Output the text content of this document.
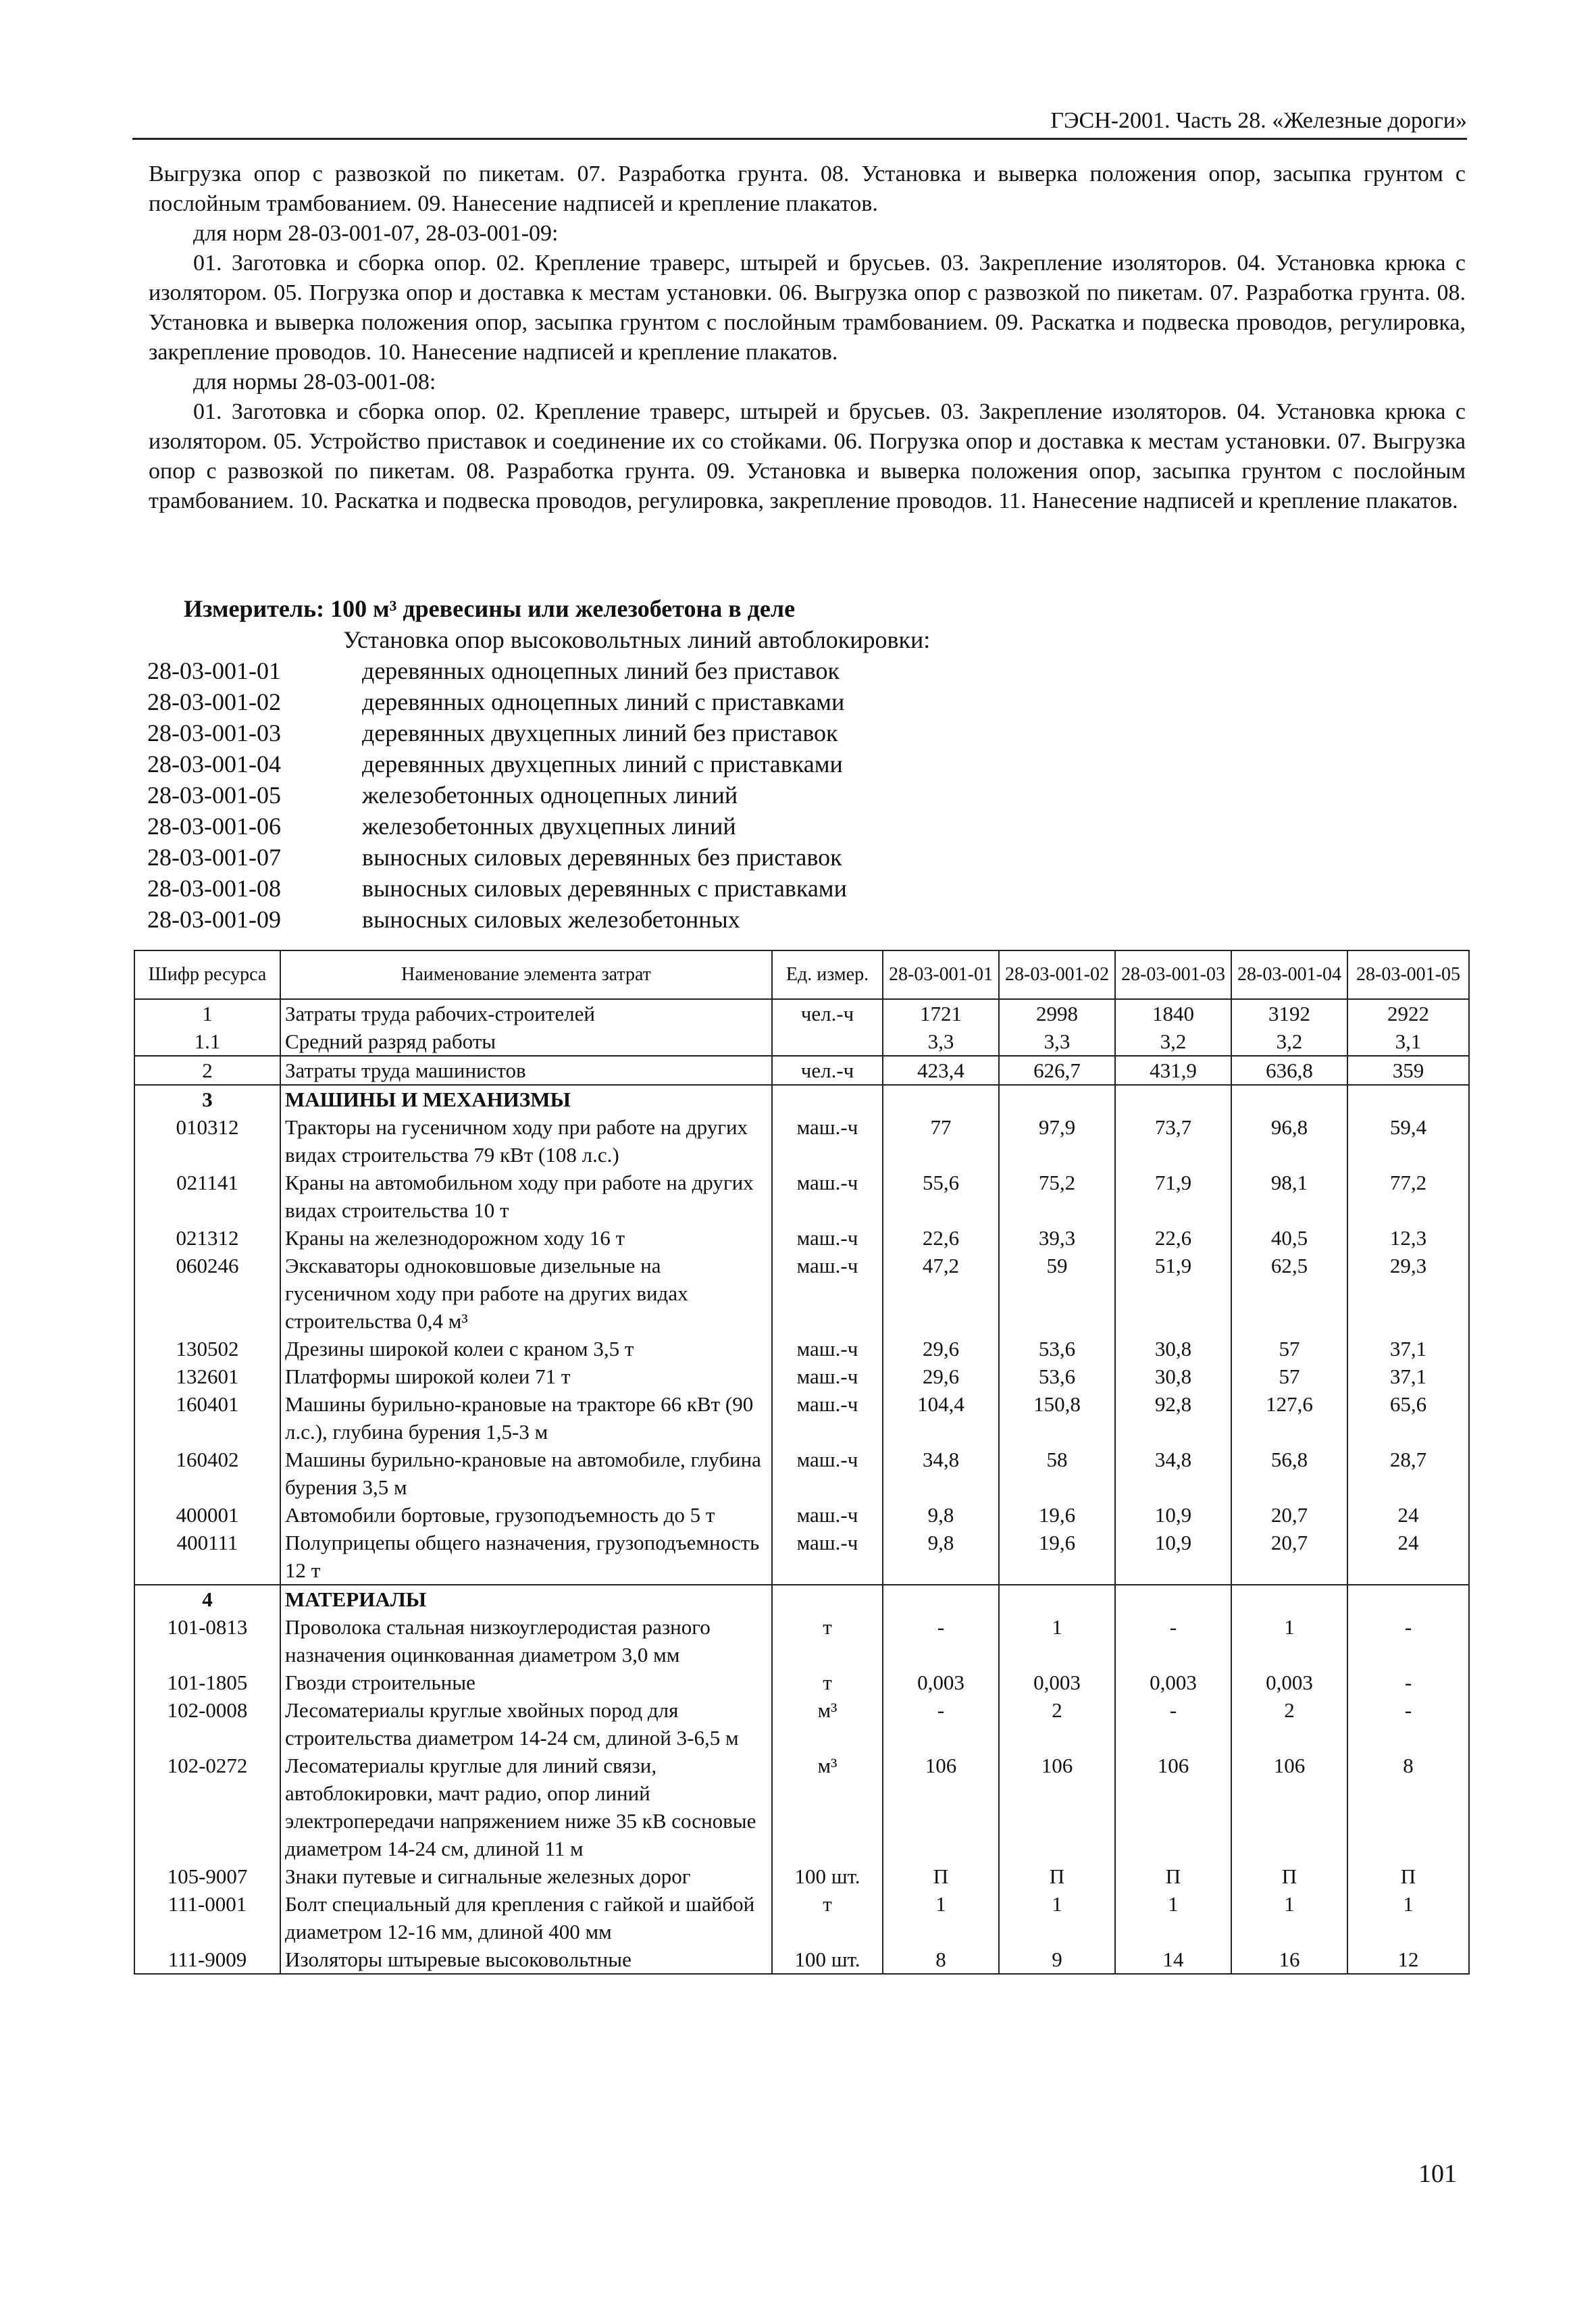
ГЭСН-2001. Часть 28. «Железные дороги»

Выгрузка опор с развозкой по пикетам. 07. Разработка грунта. 08. Установка и выверка положения опор, засыпка грунтом с послойным трамбованием. 09. Нанесение надписей и крепление плакатов.

для норм 28-03-001-07, 28-03-001-09:

01. Заготовка и сборка опор. 02. Крепление траверс, штырей и брусьев. 03. Закрепление изоляторов. 04. Установка крюка с изолятором. 05. Погрузка опор и доставка к местам установки. 06. Выгрузка опор с развозкой по пикетам. 07. Разработка грунта. 08. Установка и выверка положения опор, засыпка грунтом с послойным трамбованием. 09. Раскатка и подвеска проводов, регулировка, закрепление проводов. 10. Нанесение надписей и крепление плакатов.

для нормы 28-03-001-08:

01. Заготовка и сборка опор. 02. Крепление траверс, штырей и брусьев. 03. Закрепление изоляторов. 04. Установка крюка с изолятором. 05. Устройство приставок и соединение их со стойками. 06. Погрузка опор и доставка к местам установки. 07. Выгрузка опор с развозкой по пикетам. 08. Разработка грунта. 09. Установка и выверка положения опор, засыпка грунтом с послойным трамбованием. 10. Раскатка и подвеска проводов, регулировка, закрепление проводов. 11. Нанесение надписей и крепление плакатов.

Измеритель: 100 м³ древесины или железобетона в деле
Установка опор высоковольтных линий автоблокировки:
28-03-001-01	деревянных одноцепных линий без приставок
28-03-001-02	деревянных одноцепных линий с приставками
28-03-001-03	деревянных двухцепных линий без приставок
28-03-001-04	деревянных двухцепных линий с приставками
28-03-001-05	железобетонных одноцепных линий
28-03-001-06	железобетонных двухцепных линий
28-03-001-07	выносных силовых деревянных без приставок
28-03-001-08	выносных силовых деревянных с приставками
28-03-001-09	выносных силовых железобетонных
Шифр ресурса	Наименование элемента затрат	Ед. измер.	28-03-001-01	28-03-001-02	28-03-001-03	28-03-001-04	28-03-001-05
1	Затраты труда рабочих-строителей	чел.-ч	1721	2998	1840	3192	2922
1.1	Средний разряд работы		3,3	3,3	3,2	3,2	3,1
2	Затраты труда машинистов	чел.-ч	423,4	626,7	431,9	636,8	359
3	МАШИНЫ И МЕХАНИЗМЫ						
010312	Тракторы на гусеничном ходу при работе на других видах строительства 79 кВт (108 л.с.)	маш.-ч	77	97,9	73,7	96,8	59,4
021141	Краны на автомобильном ходу при работе на других видах строительства 10 т	маш.-ч	55,6	75,2	71,9	98,1	77,2
021312	Краны на железнодорожном ходу 16 т	маш.-ч	22,6	39,3	22,6	40,5	12,3
060246	Экскаваторы одноковшовые дизельные на гусеничном ходу при работе на других видах строительства 0,4 м³	маш.-ч	47,2	59	51,9	62,5	29,3
130502	Дрезины широкой колеи с краном 3,5 т	маш.-ч	29,6	53,6	30,8	57	37,1
132601	Платформы широкой колеи 71 т	маш.-ч	29,6	53,6	30,8	57	37,1
160401	Машины бурильно-крановые на тракторе 66 кВт (90 л.с.), глубина бурения 1,5-3 м	маш.-ч	104,4	150,8	92,8	127,6	65,6
160402	Машины бурильно-крановые на автомобиле, глубина бурения 3,5 м	маш.-ч	34,8	58	34,8	56,8	28,7
400001	Автомобили бортовые, грузоподъемность до 5 т	маш.-ч	9,8	19,6	10,9	20,7	24
400111	Полуприцепы общего назначения, грузоподъемность 12 т	маш.-ч	9,8	19,6	10,9	20,7	24
4	МАТЕРИАЛЫ						
101-0813	Проволока стальная низкоуглеродистая разного назначения оцинкованная диаметром 3,0 мм	т	-	1	-	1	-
101-1805	Гвозди строительные	т	0,003	0,003	0,003	0,003	-
102-0008	Лесоматериалы круглые хвойных пород для строительства диаметром 14-24 см, длиной 3-6,5 м	м³	-	2	-	2	-
102-0272	Лесоматериалы круглые для линий связи, автоблокировки, мачт радио, опор линий электропередачи напряжением ниже 35 кВ сосновые диаметром 14-24 см, длиной 11 м	м³	106	106	106	106	8
105-9007	Знаки путевые и сигнальные железных дорог	100 шт.	П	П	П	П	П
111-0001	Болт специальный для крепления с гайкой и шайбой диаметром 12-16 мм, длиной 400 мм	т	1	1	1	1	1
111-9009	Изоляторы штыревые высоковольтные	100 шт.	8	9	14	16	12
101
